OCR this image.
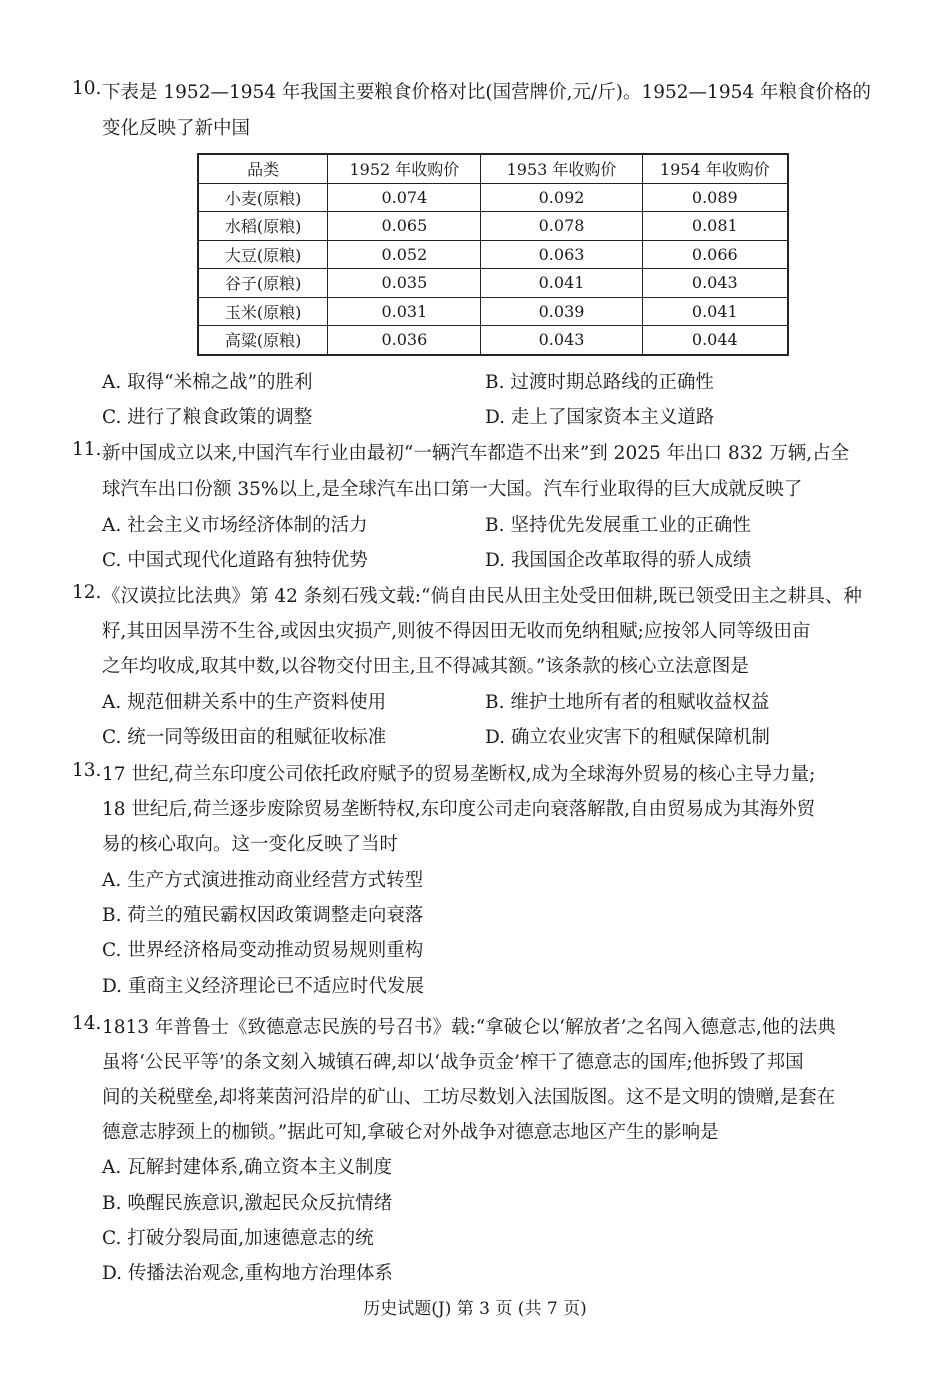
10. 下表是 1952—1954 年我国主要粮食价格对比(国营牌价,元/斤)。1952—1954 年粮食价格的
变化反映了新中国
品类	1952 年收购价	1953 年收购价	1954 年收购价
小麦(原粮)	0.074	0.092	0.089
水稻(原粮)	0.065	0.078	0.081
大豆(原粮)	0.052	0.063	0.066
谷子(原粮)	0.035	0.041	0.043
玉米(原粮)	0.031	0.039	0.041
高粱(原粮)	0.036	0.043	0.044
A. 取得“米棉之战”的胜利	B. 过渡时期总路线的正确性
C. 进行了粮食政策的调整	D. 走上了国家资本主义道路
11. 新中国成立以来,中国汽车行业由最初“一辆汽车都造不出来”到 2025 年出口 832 万辆,占全
球汽车出口份额 35%以上,是全球汽车出口第一大国。汽车行业取得的巨大成就反映了
A. 社会主义市场经济体制的活力	B. 坚持优先发展重工业的正确性
C. 中国式现代化道路有独特优势	D. 我国国企改革取得的骄人成绩
12. 《汉谟拉比法典》第 42 条刻石残文载:“倘自由民从田主处受田佃耕,既已领受田主之耕具、种
籽,其田因旱涝不生谷,或因虫灾损产,则彼不得因田无收而免纳租赋;应按邻人同等级田亩
之年均收成,取其中数,以谷物交付田主,且不得减其额。”该条款的核心立法意图是
A. 规范佃耕关系中的生产资料使用	B. 维护土地所有者的租赋收益权益
C. 统一同等级田亩的租赋征收标准	D. 确立农业灾害下的租赋保障机制
13. 17 世纪,荷兰东印度公司依托政府赋予的贸易垄断权,成为全球海外贸易的核心主导力量;
18 世纪后,荷兰逐步废除贸易垄断特权,东印度公司走向衰落解散,自由贸易成为其海外贸
易的核心取向。这一变化反映了当时
A. 生产方式演进推动商业经营方式转型
B. 荷兰的殖民霸权因政策调整走向衰落
C. 世界经济格局变动推动贸易规则重构
D. 重商主义经济理论已不适应时代发展
14. 1813 年普鲁士《致德意志民族的号召书》载:“拿破仑以‘解放者’之名闯入德意志,他的法典
虽将‘公民平等’的条文刻入城镇石碑,却以‘战争贡金’榨干了德意志的国库;他拆毁了邦国
间的关税壁垒,却将莱茵河沿岸的矿山、工坊尽数划入法国版图。这不是文明的馈赠,是套在
德意志脖颈上的枷锁。”据此可知,拿破仑对外战争对德意志地区产生的影响是
A. 瓦解封建体系,确立资本主义制度
B. 唤醒民族意识,激起民众反抗情绪
C. 打破分裂局面,加速德意志的统
D. 传播法治观念,重构地方治理体系
历史试题(J) 第 3 页 (共 7 页)
